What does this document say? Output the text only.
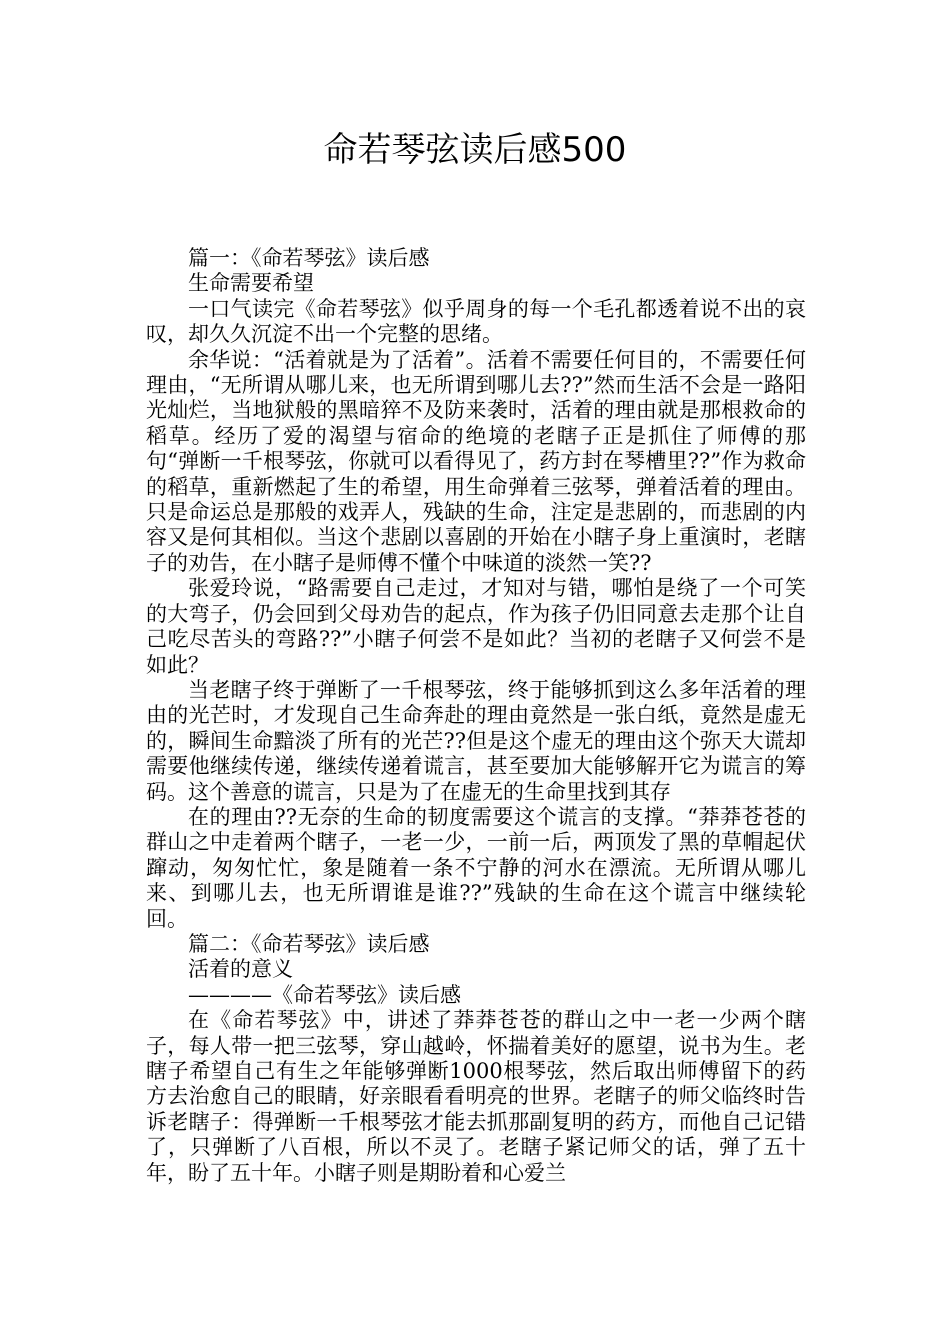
命若琴弦读后感500

篇一：《命若琴弦》读后感

生命需要希望

一口气读完《命若琴弦》似乎周身的每一个毛孔都透着说不出的哀叹，却久久沉淀不出一个完整的思绪。

余华说：“活着就是为了活着”。活着不需要任何目的，不需要任何理由，“无所谓从哪儿来，也无所谓到哪儿去??”然而生活不会是一路阳光灿烂，当地狱般的黑暗猝不及防来袭时，活着的理由就是那根救命的稻草。经历了爱的渴望与宿命的绝境的老瞎子正是抓住了师傅的那句“弹断一千根琴弦，你就可以看得见了，药方封在琴槽里??”作为救命的稻草，重新燃起了生的希望，用生命弹着三弦琴，弹着活着的理由。只是命运总是那般的戏弄人，残缺的生命，注定是悲剧的，而悲剧的内容又是何其相似。当这个悲剧以喜剧的开始在小瞎子身上重演时，老瞎子的劝告，在小瞎子是师傅不懂个中味道的淡然一笑??

张爱玲说，“路需要自己走过，才知对与错，哪怕是绕了一个可笑的大弯子，仍会回到父母劝告的起点，作为孩子仍旧同意去走那个让自己吃尽苦头的弯路??”小瞎子何尝不是如此？当初的老瞎子又何尝不是如此？

当老瞎子终于弹断了一千根琴弦，终于能够抓到这么多年活着的理由的光芒时，才发现自己生命奔赴的理由竟然是一张白纸，竟然是虚无的，瞬间生命黯淡了所有的光芒??但是这个虚无的理由这个弥天大谎却需要他继续传递，继续传递着谎言，甚至要加大能够解开它为谎言的筹码。这个善意的谎言，只是为了在虚无的生命里找到其存

在的理由??无奈的生命的韧度需要这个谎言的支撑。“莽莽苍苍的群山之中走着两个瞎子，一老一少，一前一后，两顶发了黑的草帽起伏蹿动，匆匆忙忙，象是随着一条不宁静的河水在漂流。无所谓从哪儿来、到哪儿去，也无所谓谁是谁??”残缺的生命在这个谎言中继续轮回。

篇二：《命若琴弦》读后感

活着的意义

————《命若琴弦》读后感

在《命若琴弦》中，讲述了莽莽苍苍的群山之中一老一少两个瞎子，每人带一把三弦琴，穿山越岭，怀揣着美好的愿望，说书为生。老瞎子希望自己有生之年能够弹断1000根琴弦，然后取出师傅留下的药方去治愈自己的眼睛，好亲眼看看明亮的世界。老瞎子的师父临终时告诉老瞎子：得弹断一千根琴弦才能去抓那副复明的药方，而他自己记错了，只弹断了八百根，所以不灵了。老瞎子紧记师父的话，弹了五十年，盼了五十年。小瞎子则是期盼着和心爱兰
